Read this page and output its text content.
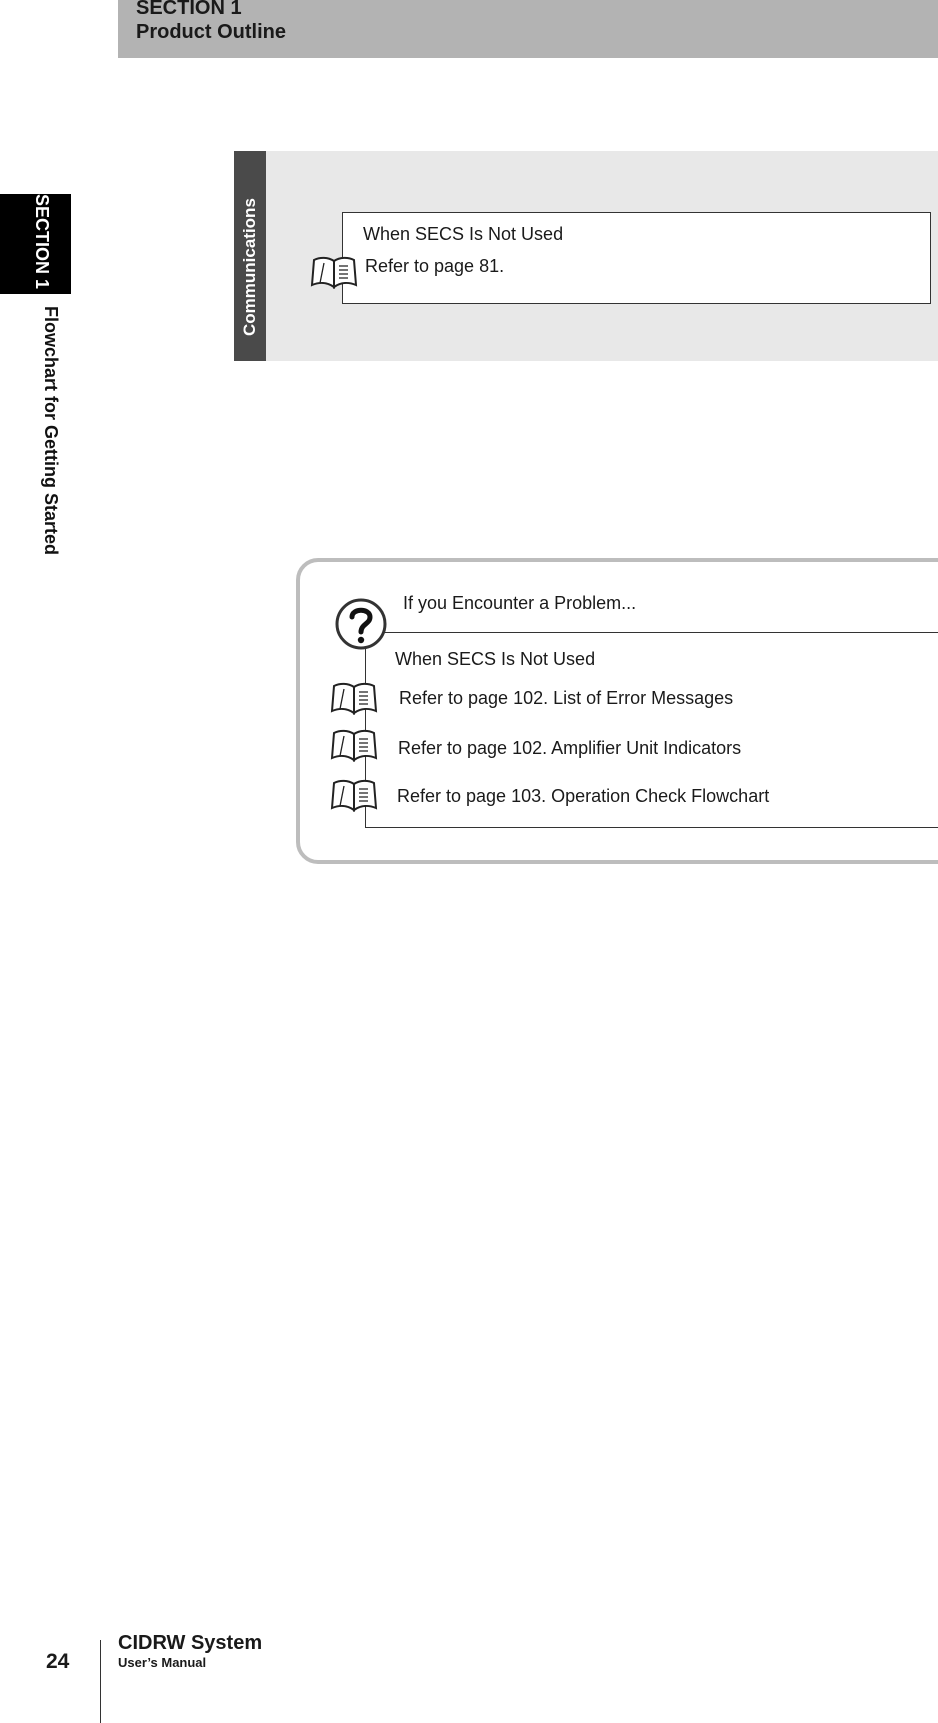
SECTION 1
Product Outline
SECTION 1
Flowchart for Getting Started
Communications	When SECS Is Not Used
Refer to page 81.
If you Encounter a Problem...
When SECS Is Not Used
Refer to page 102. List of Error Messages
Refer to page 102. Amplifier Unit Indicators
Refer to page 103. Operation Check Flowchart
24
CIDRW System
User’s Manual
